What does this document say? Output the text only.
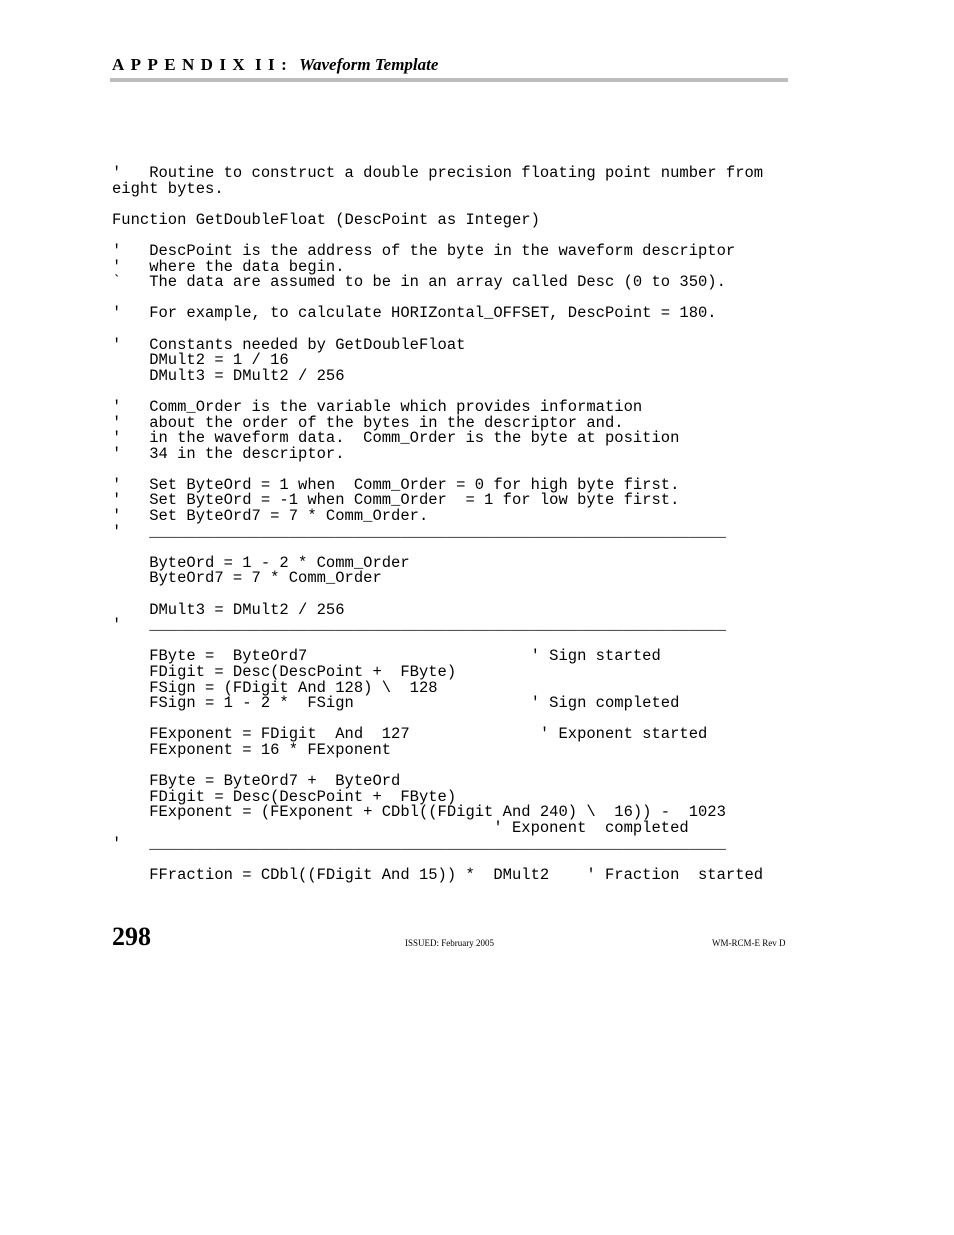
APPENDIX II: Waveform Template
'   Routine to construct a double precision floating point number from
eight bytes.
Function GetDoubleFloat (DescPoint as Integer)
'   DescPoint is the address of the byte in the waveform descriptor
'   where the data begin.
`   The data are assumed to be in an array called Desc (0 to 350).
'   For example, to calculate HORIZontal_OFFSET, DescPoint = 180.
'   Constants needed by GetDoubleFloat
DMult2 = 1 / 16
DMult3 = DMult2 / 256
'   Comm_Order is the variable which provides information
'   about the order of the bytes in the descriptor and.
'   in the waveform data.  Comm_Order is the byte at position
'   34 in the descriptor.
'   Set ByteOrd = 1 when  Comm_Order = 0 for high byte first.
'   Set ByteOrd = -1 when Comm_Order  = 1 for low byte first.
'   Set ByteOrd7 = 7 * Comm_Order.
'   ______________________________________________________________
ByteOrd = 1 - 2 * Comm_Order
ByteOrd7 = 7 * Comm_Order
DMult3 = DMult2 / 256
'   ______________________________________________________________
FByte =  ByteOrd7                        ' Sign started
FDigit = Desc(DescPoint +  FByte)
FSign = (FDigit And 128) \  128
FSign = 1 - 2 *  FSign                   ' Sign completed
FExponent = FDigit  And  127              ' Exponent started
FExponent = 16 * FExponent
FByte = ByteOrd7 +  ByteOrd
FDigit = Desc(DescPoint +  FByte)
FExponent = (FExponent + CDbl((FDigit And 240) \  16)) -  1023
' Exponent  completed
'   ______________________________________________________________
FFraction = CDbl((FDigit And 15)) *  DMult2    ' Fraction  started
298	ISSUED: February 2005	WM-RCM-E Rev D
